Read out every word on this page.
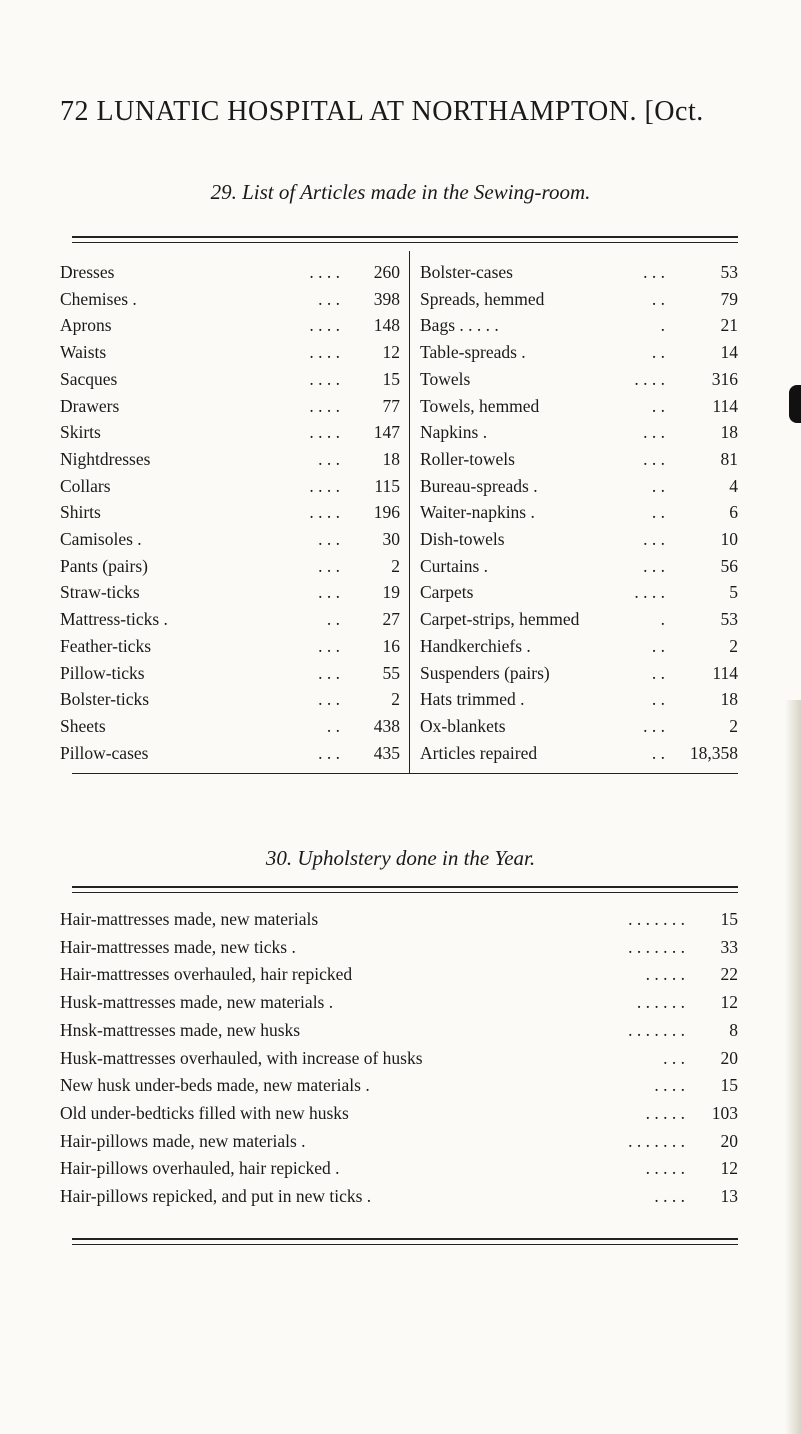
72 LUNATIC HOSPITAL AT NORTHAMPTON. [Oct.
29. List of Articles made in the Sewing-room.
Dresses	. . . .	260
Chemises .	. . .	398
Aprons	. . . .	148
Waists	. . . .	12
Sacques	. . . .	15
Drawers	. . . .	77
Skirts	. . . .	147
Nightdresses	. . .	18
Collars	. . . .	115
Shirts	. . . .	196
Camisoles .	. . .	30
Pants (pairs)	. . .	2
Straw-ticks	. . .	19
Mattress-ticks .	. .	27
Feather-ticks	. . .	16
Pillow-ticks	. . .	55
Bolster-ticks	. . .	2
Sheets	. .	438
Pillow-cases	. . .	435
Bolster-cases	. . .	53
Spreads, hemmed	. .	79
Bags . . . . .	.	21
Table-spreads .	. .	14
Towels	. . . .	316
Towels, hemmed	. .	114
Napkins .	. . .	18
Roller-towels	. . .	81
Bureau-spreads .	. .	4
Waiter-napkins .	. .	6
Dish-towels	. . .	10
Curtains .	. . .	56
Carpets	. . . .	5
Carpet-strips, hemmed	.	53
Handkerchiefs .	. .	2
Suspenders (pairs)	. .	114
Hats trimmed .	. .	18
Ox-blankets	. . .	2
Articles repaired	. .	18,358
30. Upholstery done in the Year.
Hair-mattresses made, new materials	. . . . . . .	15
Hair-mattresses made, new ticks .	. . . . . . .	33
Hair-mattresses overhauled, hair repicked	. . . . .	22
Husk-mattresses made, new materials .	. . . . . .	12
Hnsk-mattresses made, new husks	. . . . . . .	8
Husk-mattresses overhauled, with increase of husks	. . .	20
New husk under-beds made, new materials .	. . . .	15
Old under-bedticks filled with new husks	. . . . .	103
Hair-pillows made, new materials .	. . . . . . .	20
Hair-pillows overhauled, hair repicked .	. . . . .	12
Hair-pillows repicked, and put in new ticks .	. . . .	13
